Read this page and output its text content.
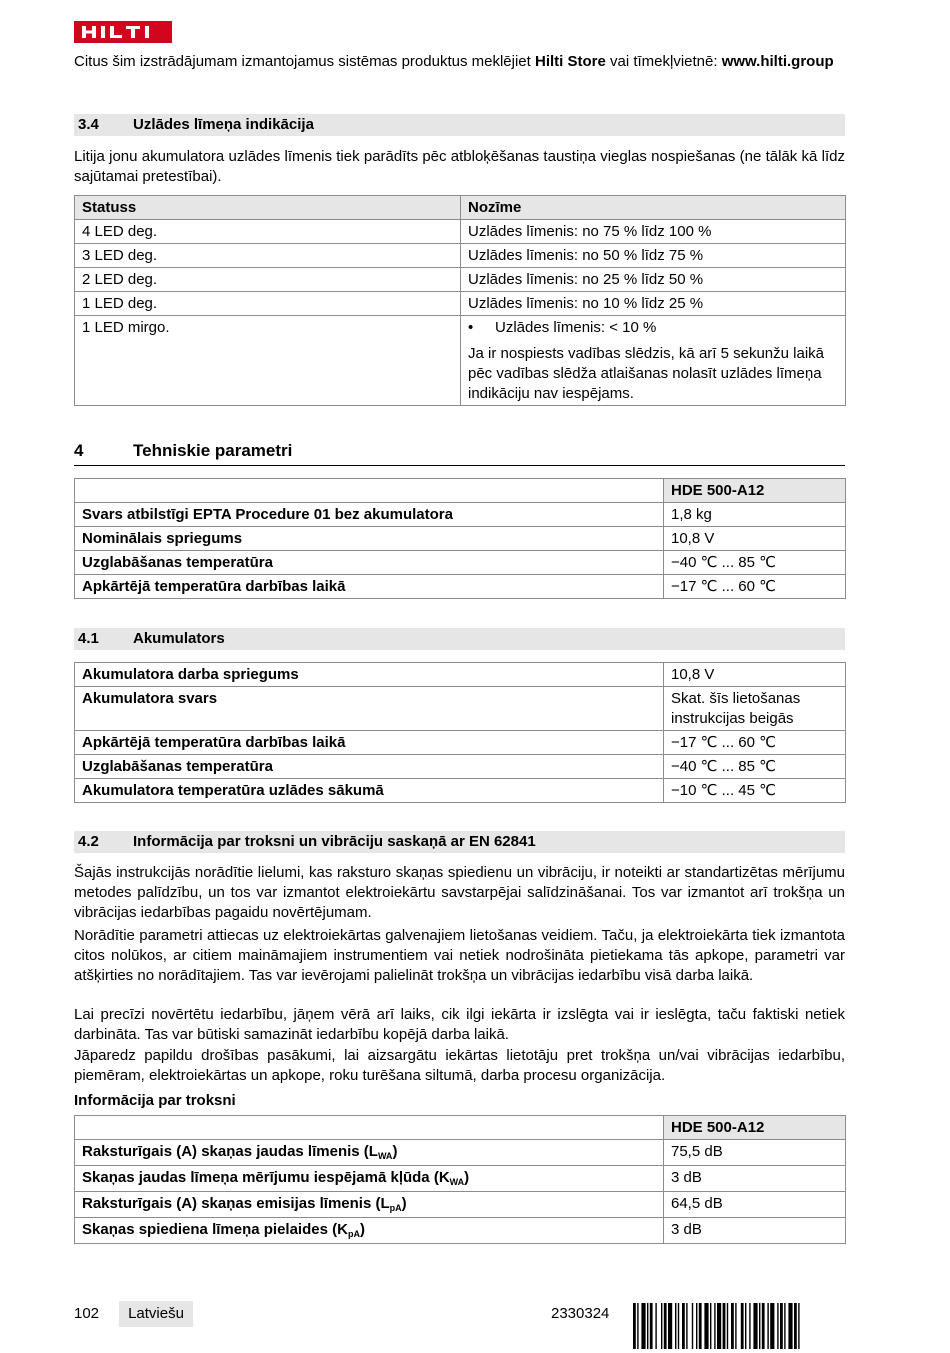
Citus šim izstrādājumam izmantojamus sistēmas produktus meklējiet Hilti Store vai tīmekļvietnē: www.hilti.group
3.4 Uzlādes līmeņa indikācija
Litija jonu akumulatora uzlādes līmenis tiek parādīts pēc atbloķēšanas taustiņa vieglas nospiešanas (ne tālāk kā līdz sajūtamai pretestībai).
Statuss	Nozīme
4 LED deg.	Uzlādes līmenis: no 75 % līdz 100 %
3 LED deg.	Uzlādes līmenis: no 50 % līdz 75 %
2 LED deg.	Uzlādes līmenis: no 25 % līdz 50 %
1 LED deg.	Uzlādes līmenis: no 10 % līdz 25 %
1 LED mirgo.	• Uzlādes līmenis: < 10 %
Ja ir nospiests vadības slēdzis, kā arī 5 sekunžu laikā pēc vadības slēdža atlaišanas nolasīt uzlādes līmeņa indikāciju nav iespējams.
4	Tehniskie parametri
	HDE 500-A12
Svars atbilstīgi EPTA Procedure 01 bez akumulatora	1,8 kg
Nominālais spriegums	10,8 V
Uzglabāšanas temperatūra	−40 ℃ ... 85 ℃
Apkārtējā temperatūra darbības laikā	−17 ℃ ... 60 ℃
4.1 Akumulators
Akumulatora darba spriegums	10,8 V
Akumulatora svars	Skat. šīs lietošanas instrukcijas beigās
Apkārtējā temperatūra darbības laikā	−17 ℃ ... 60 ℃
Uzglabāšanas temperatūra	−40 ℃ ... 85 ℃
Akumulatora temperatūra uzlādes sākumā	−10 ℃ ... 45 ℃
4.2 Informācija par troksni un vibrāciju saskaņā ar EN 62841
Šajās instrukcijās norādītie lielumi, kas raksturo skaņas spiedienu un vibrāciju, ir noteikti ar standartizētas mērījumu metodes palīdzību, un tos var izmantot elektroiekārtu savstarpējai salīdzināšanai. Tos var izmantot arī trokšņa un vibrācijas iedarbības pagaidu novērtējumam.
Norādītie parametri attiecas uz elektroiekārtas galvenajiem lietošanas veidiem. Taču, ja elektroiekārta tiek izmantota citos nolūkos, ar citiem maināmajiem instrumentiem vai netiek nodrošināta pietiekama tās apkope, parametri var atšķirties no norādītajiem. Tas var ievērojami palielināt trokšņa un vibrācijas iedarbību visā darba laikā.
Lai precīzi novērtētu iedarbību, jāņem vērā arī laiks, cik ilgi iekārta ir izslēgta vai ir ieslēgta, taču faktiski netiek darbināta. Tas var būtiski samazināt iedarbību kopējā darba laikā.
Jāparedz papildu drošības pasākumi, lai aizsargātu iekārtas lietotāju pret trokšņa un/vai vibrācijas iedarbību, piemēram, elektroiekārtas un apkope, roku turēšana siltumā, darba procesu organizācija.
Informācija par troksni
	HDE 500-A12
Raksturīgais (A) skaņas jaudas līmenis $(L_{WA})$	75,5 dB
Skaņas jaudas līmeņa mērījumu iespējamā kļūda $(K_{WA})$	3 dB
Raksturīgais (A) skaņas emisijas līmenis $(L_{pA})$	64,5 dB
Skaņas spiediena līmeņa pielaides $(K_{pA})$	3 dB
102	Latviešu	2330324
